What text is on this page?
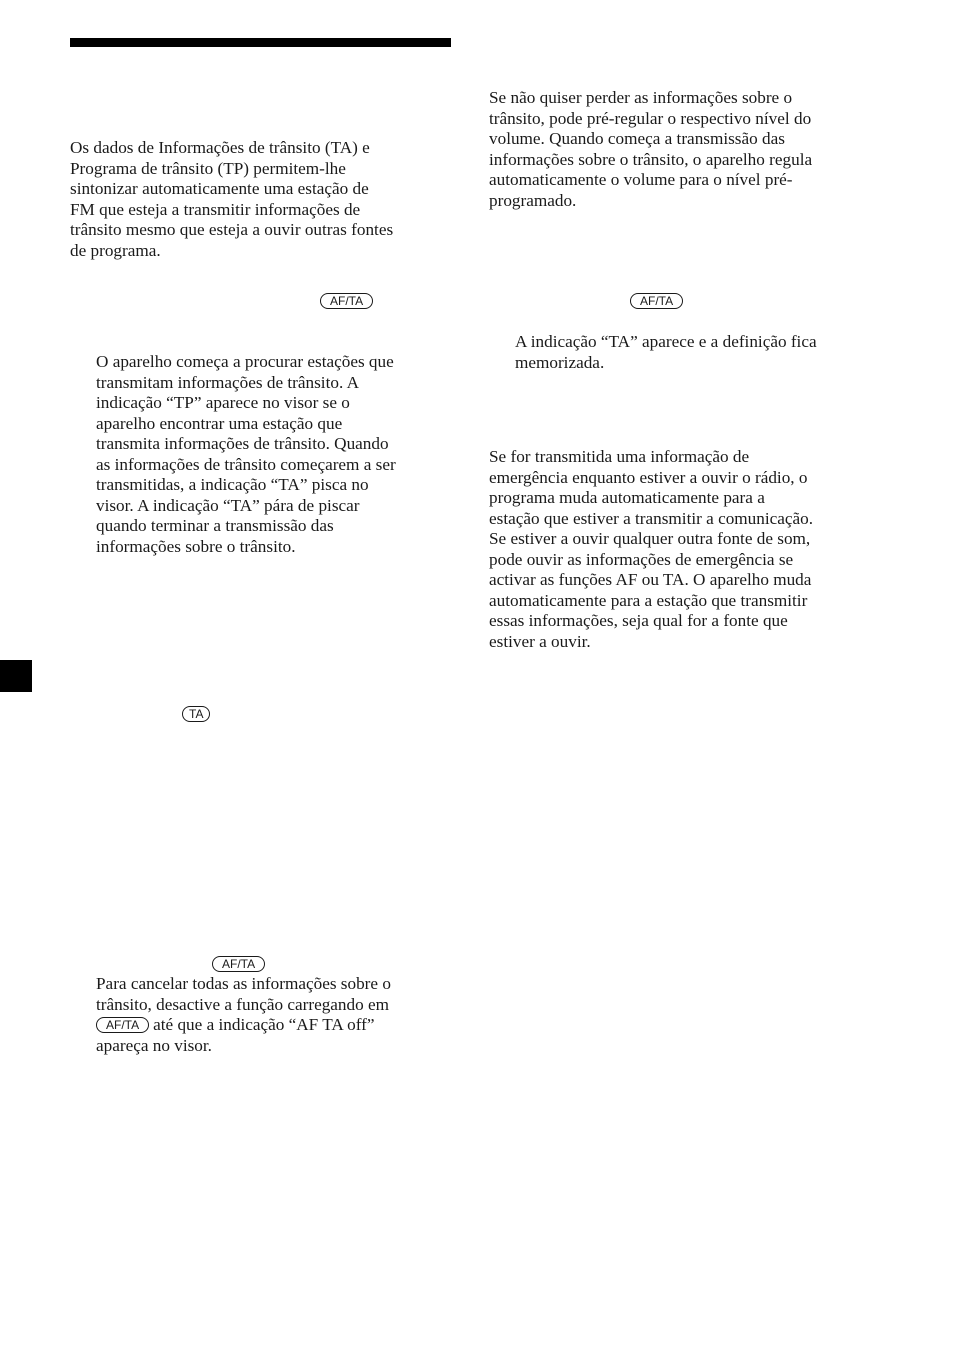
Os dados de Informações de trânsito (TA) e
Programa de trânsito (TP) permitem-lhe
sintonizar automaticamente uma estação de
FM que esteja a transmitir informações de
trânsito mesmo que esteja a ouvir outras fontes
de programa.

AF/TA

O aparelho começa a procurar estações que
transmitam informações de trânsito. A
indicação “TP” aparece no visor se o
aparelho encontrar uma estação que
transmita informações de trânsito. Quando
as informações de trânsito começarem a ser
transmitidas, a indicação “TA” pisca no
visor. A indicação “TA” pára de piscar
quando terminar a transmissão das
informações sobre o trânsito.

TA
AF/TA

Para cancelar todas as informações sobre o
trânsito, desactive a função carregando em
AF/TA até que a indicação “AF TA off”
apareça no visor.

Se não quiser perder as informações sobre o
trânsito, pode pré-regular o respectivo nível do
volume. Quando começa a transmissão das
informações sobre o trânsito, o aparelho regula
automaticamente o volume para o nível pré-
programado.

AF/TA

A indicação “TA” aparece e a definição fica
memorizada.

Se for transmitida uma informação de
emergência enquanto estiver a ouvir o rádio, o
programa muda automaticamente para a
estação que estiver a transmitir a comunicação.
Se estiver a ouvir qualquer outra fonte de som,
pode ouvir as informações de emergência se
activar as funções AF ou TA. O aparelho muda
automaticamente para a estação que transmitir
essas informações, seja qual for a fonte que
estiver a ouvir.
